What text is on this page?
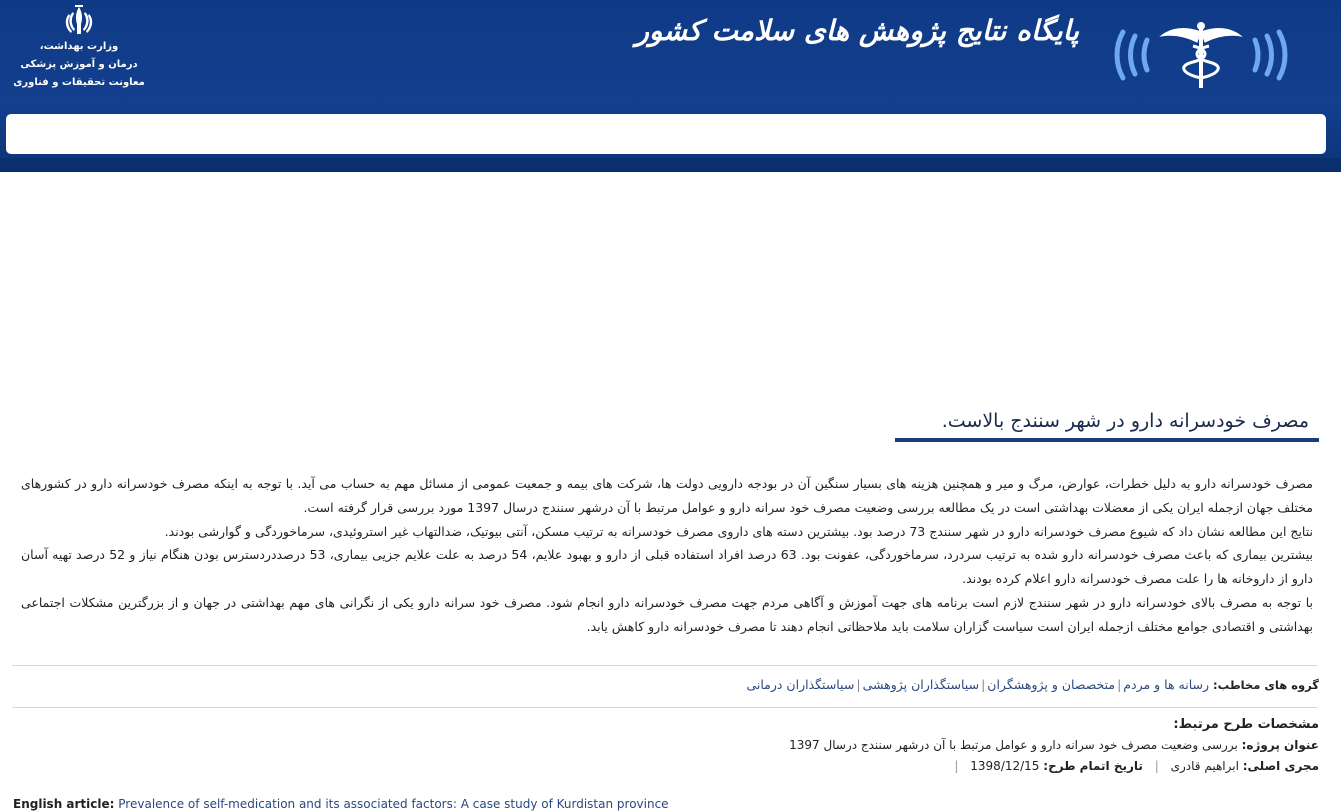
وزارت بهداشت،
درمان و آموزش پزشکی
معاونت تحقیقات و فناوری
پایگاه نتایج پژوهش های سلامت کشور
مصرف خودسرانه دارو در شهر سنندج بالاست.

مصرف خودسرانه دارو به دلیل خطرات، عوارض، مرگ و میر و همچنین هزینه های بسیار سنگین آن در بودجه دارویی دولت ها، شرکت های بیمه و جمعیت عمومی از مسائل مهم به حساب می آید. با توجه به اینکه مصرف خودسرانه دارو در کشورهای مختلف جهان ازجمله ایران یکی از معضلات بهداشتی است در یک مطالعه بررسی وضعیت مصرف خود سرانه دارو و عوامل مرتبط با آن درشهر سنندج درسال 1397 مورد بررسی قرار گرفته است.

نتایج این مطالعه نشان داد که شیوع مصرف خودسرانه دارو در شهر سنندج 73 درصد بود. بیشترین دسته های داروی مصرف خودسرانه به ترتیب مسکن، آنتی بیوتیک، ضدالتهاب غیر استروئیدی، سرماخوردگی و گوارشی بودند.

بیشترین بیماری که باعث مصرف خودسرانه دارو شده به ترتیب سردرد، سرماخوردگی، عفونت بود. 63 درصد افراد استفاده قبلی از دارو و بهبود علایم، 54 درصد به علت علایم جزیی بیماری، 53 درصددردسترس بودن هنگام نیاز و 52 درصد تهیه آسان دارو از داروخانه ها را علت مصرف خودسرانه دارو اعلام کرده بودند.

با توجه به مصرف بالای خودسرانه دارو در شهر سنندج لازم است برنامه های جهت آموزش و آگاهی مردم جهت مصرف خودسرانه دارو انجام شود. مصرف خود سرانه دارو یکی از نگرانی های مهم بهداشتی در جهان و از بزرگترین مشکلات اجتماعی بهداشتی و اقتصادی جوامع مختلف ازجمله ایران است سیاست گزاران سلامت باید ملاحظاتی انجام دهند تا مصرف خودسرانه دارو کاهش یابد.

گروه های مخاطب: رسانه ها و مردم|متخصصان و پژوهشگران|سیاستگذاران پژوهشی|سیاستگذاران درمانی
مشخصات طرح مرتبط:
عنوان پروژه: بررسی وضعیت مصرف خود سرانه دارو و عوامل مرتبط با آن درشهر سنندج درسال 1397
مجری اصلی: ابراهیم قادری | تاریخ اتمام طرح: 1398/12/15 |
English article: Prevalence of self-medication and its associated factors: A case study of Kurdistan province
